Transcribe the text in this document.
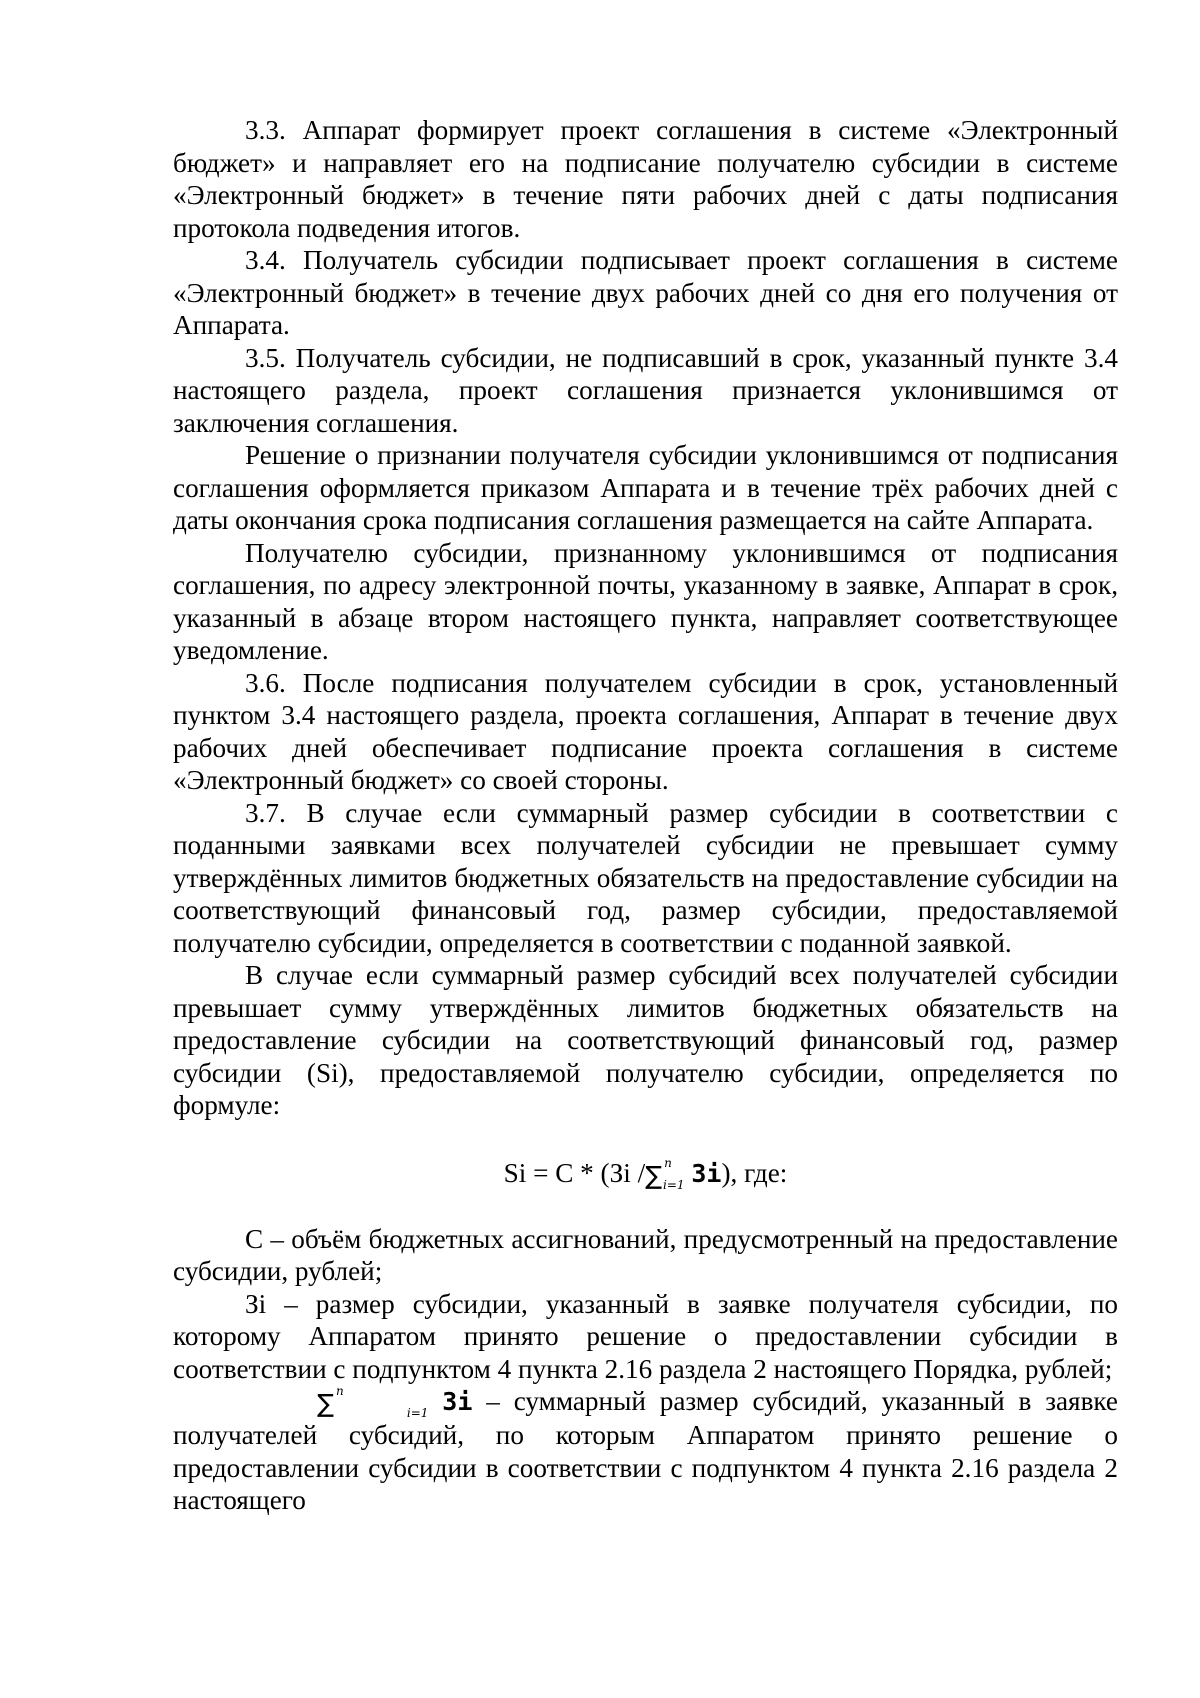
3.3. Аппарат формирует проект соглашения в системе «Электронный бюджет» и направляет его на подписание получателю субсидии в системе «Электронный бюджет» в течение пяти рабочих дней с даты подписания протокола подведения итогов.

3.4. Получатель субсидии подписывает проект соглашения в системе «Электронный бюджет» в течение двух рабочих дней со дня его получения от Аппарата.

3.5. Получатель субсидии, не подписавший в срок, указанный пункте 3.4 настоящего раздела, проект соглашения признается уклонившимся от заключения соглашения.

Решение о признании получателя субсидии уклонившимся от подписания соглашения оформляется приказом Аппарата и в течение трёх рабочих дней с даты окончания срока подписания соглашения размещается на сайте Аппарата.

Получателю субсидии, признанному уклонившимся от подписания соглашения, по адресу электронной почты, указанному в заявке, Аппарат в срок, указанный в абзаце втором настоящего пункта, направляет соответствующее уведомление.

3.6. После подписания получателем субсидии в срок, установленный пунктом 3.4 настоящего раздела, проекта соглашения, Аппарат в течение двух рабочих дней обеспечивает подписание проекта соглашения в системе «Электронный бюджет» со своей стороны.

3.7. В случае если суммарный размер субсидии в соответствии с поданными заявками всех получателей субсидии не превышает сумму утверждённых лимитов бюджетных обязательств на предоставление субсидии на соответствующий финансовый год, размер субсидии, предоставляемой получателю субсидии, определяется в соответствии с поданной заявкой.

В случае если суммарный размер субсидий всех получателей субсидии превышает сумму утверждённых лимитов бюджетных обязательств на предоставление субсидии на соответствующий финансовый год, размер субсидии (Si), предоставляемой получателю субсидии, определяется по формуле:

Si = C * (Зi /∑ n
i=1 Зi), где:

С – объём бюджетных ассигнований, предусмотренный на предоставление субсидии, рублей;

Зi – размер субсидии, указанный в заявке получателя субсидии, по которому Аппаратом принято решение о предоставлении субсидии в соответствии с подпунктом 4 пункта 2.16 раздела 2 настоящего Порядка, рублей;

∑ n
i=1 Зi – суммарный размер субсидий, указанный в заявке получателей субсидий, по которым Аппаратом принято решение о предоставлении субсидии в соответствии с подпунктом 4 пункта 2.16 раздела 2 настоящего
